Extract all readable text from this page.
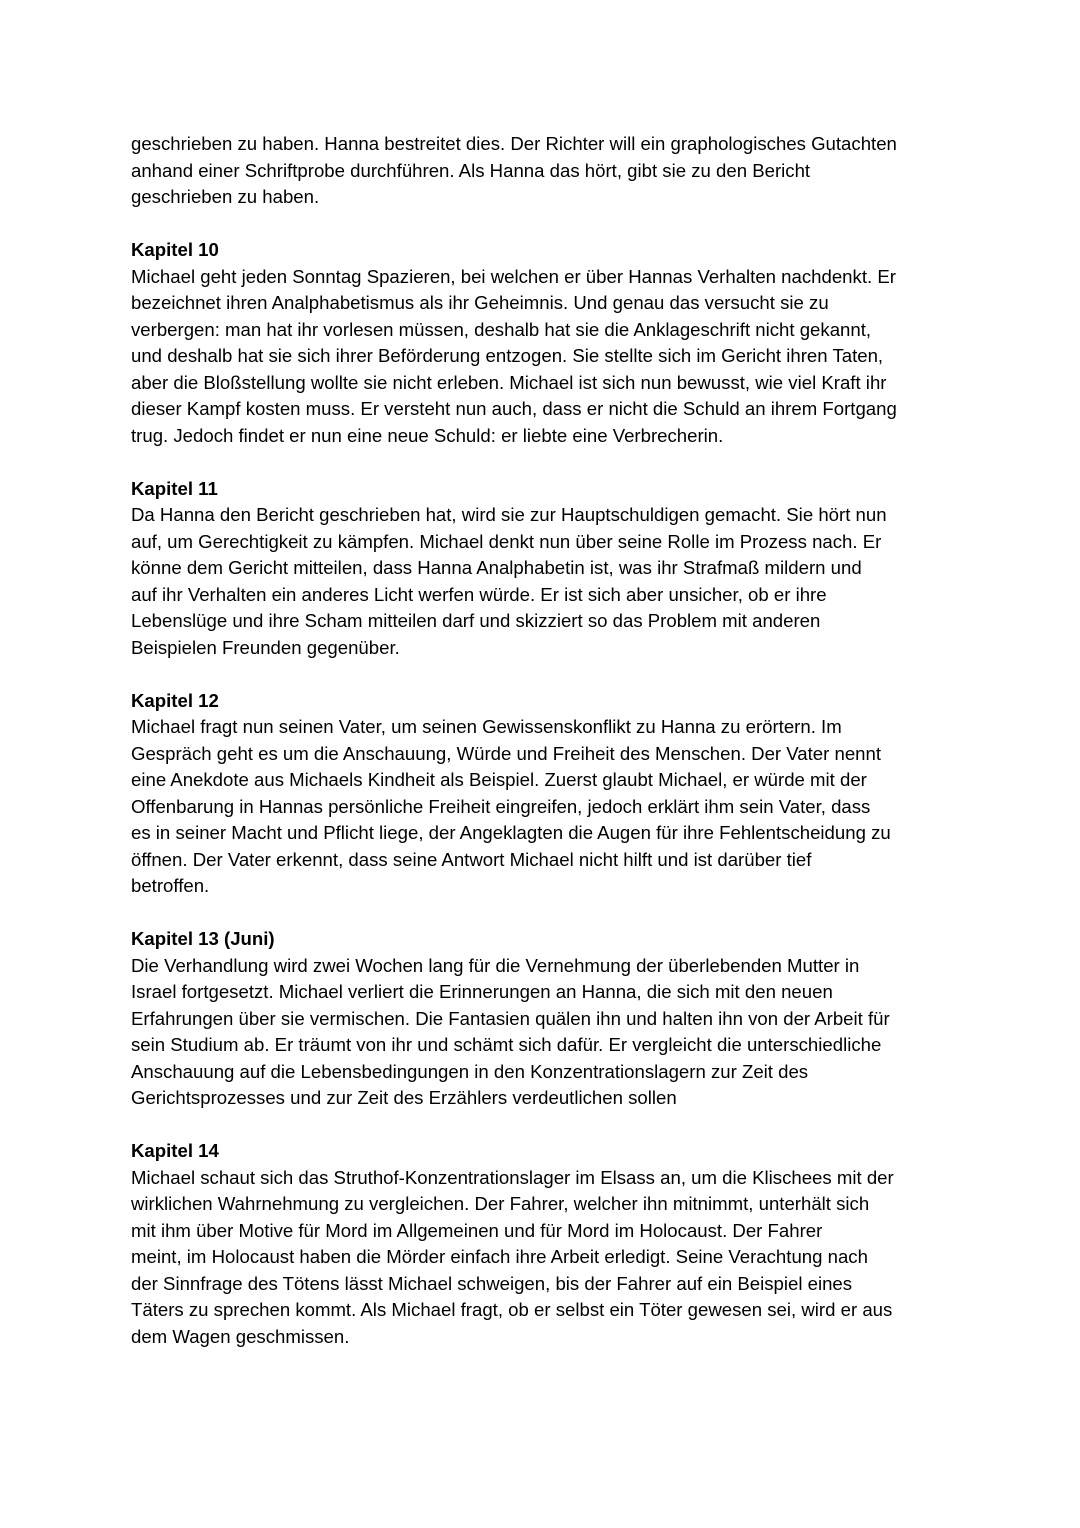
geschrieben zu haben. Hanna bestreitet dies. Der Richter will ein graphologisches Gutachten
anhand einer Schriftprobe durchführen. Als Hanna das hört, gibt sie zu den Bericht
geschrieben zu haben.

Kapitel 10

Michael geht jeden Sonntag Spazieren, bei welchen er über Hannas Verhalten nachdenkt. Er
bezeichnet ihren Analphabetismus als ihr Geheimnis. Und genau das versucht sie zu
verbergen: man hat ihr vorlesen müssen, deshalb hat sie die Anklageschrift nicht gekannt,
und deshalb hat sie sich ihrer Beförderung entzogen. Sie stellte sich im Gericht ihren Taten,
aber die Bloßstellung wollte sie nicht erleben. Michael ist sich nun bewusst, wie viel Kraft ihr
dieser Kampf kosten muss. Er versteht nun auch, dass er nicht die Schuld an ihrem Fortgang
trug. Jedoch findet er nun eine neue Schuld: er liebte eine Verbrecherin.

Kapitel 11

Da Hanna den Bericht geschrieben hat, wird sie zur Hauptschuldigen gemacht. Sie hört nun
auf, um Gerechtigkeit zu kämpfen. Michael denkt nun über seine Rolle im Prozess nach. Er
könne dem Gericht mitteilen, dass Hanna Analphabetin ist, was ihr Strafmaß mildern und
auf ihr Verhalten ein anderes Licht werfen würde. Er ist sich aber unsicher, ob er ihre
Lebenslüge und ihre Scham mitteilen darf und skizziert so das Problem mit anderen
Beispielen Freunden gegenüber.

Kapitel 12

Michael fragt nun seinen Vater, um seinen Gewissenskonflikt zu Hanna zu erörtern. Im
Gespräch geht es um die Anschauung, Würde und Freiheit des Menschen. Der Vater nennt
eine Anekdote aus Michaels Kindheit als Beispiel. Zuerst glaubt Michael, er würde mit der
Offenbarung in Hannas persönliche Freiheit eingreifen, jedoch erklärt ihm sein Vater, dass
es in seiner Macht und Pflicht liege, der Angeklagten die Augen für ihre Fehlentscheidung zu
öffnen. Der Vater erkennt, dass seine Antwort Michael nicht hilft und ist darüber tief
betroffen.

Kapitel 13 (Juni)

Die Verhandlung wird zwei Wochen lang für die Vernehmung der überlebenden Mutter in
Israel fortgesetzt. Michael verliert die Erinnerungen an Hanna, die sich mit den neuen
Erfahrungen über sie vermischen. Die Fantasien quälen ihn und halten ihn von der Arbeit für
sein Studium ab. Er träumt von ihr und schämt sich dafür. Er vergleicht die unterschiedliche
Anschauung auf die Lebensbedingungen in den Konzentrationslagern zur Zeit des
Gerichtsprozesses und zur Zeit des Erzählers verdeutlichen sollen

Kapitel 14

Michael schaut sich das Struthof-Konzentrationslager im Elsass an, um die Klischees mit der
wirklichen Wahrnehmung zu vergleichen. Der Fahrer, welcher ihn mitnimmt, unterhält sich
mit ihm über Motive für Mord im Allgemeinen und für Mord im Holocaust. Der Fahrer
meint, im Holocaust haben die Mörder einfach ihre Arbeit erledigt. Seine Verachtung nach
der Sinnfrage des Tötens lässt Michael schweigen, bis der Fahrer auf ein Beispiel eines
Täters zu sprechen kommt. Als Michael fragt, ob er selbst ein Töter gewesen sei, wird er aus
dem Wagen geschmissen.
